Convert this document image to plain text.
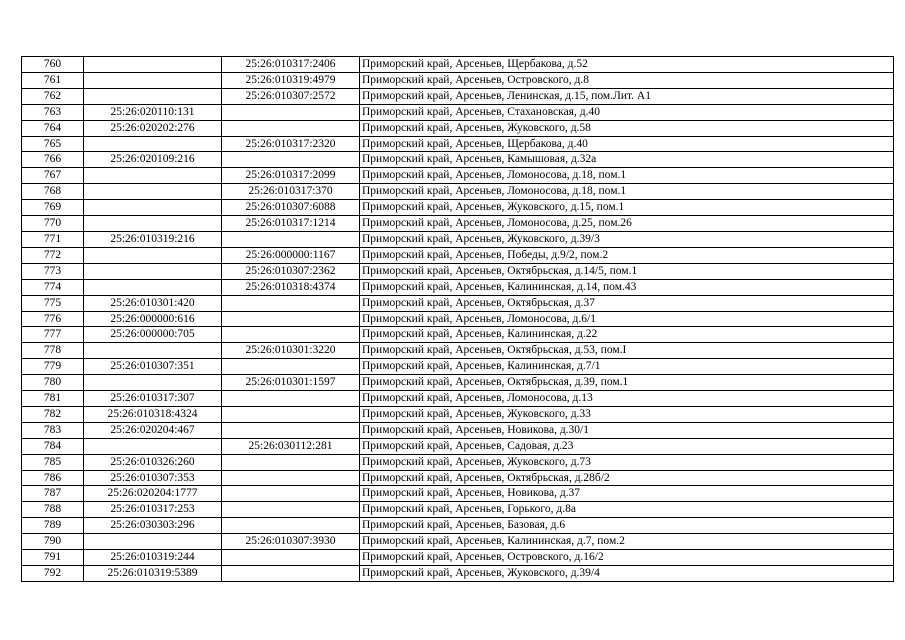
760		25:26:010317:2406	Приморский край, Арсеньев, Щербакова, д.52
761		25:26:010319:4979	Приморский край, Арсеньев, Островского, д.8
762		25:26:010307:2572	Приморский край, Арсеньев, Ленинская, д.15, пом.Лит. А1
763	25:26:020110:131		Приморский край, Арсеньев, Стахановская, д.40
764	25:26:020202:276		Приморский край, Арсеньев, Жуковского, д.58
765		25:26:010317:2320	Приморский край, Арсеньев, Щербакова, д.40
766	25:26:020109:216		Приморский край, Арсеньев, Камышовая, д.32а
767		25:26:010317:2099	Приморский край, Арсеньев, Ломоносова, д.18, пом.1
768		25:26:010317:370	Приморский край, Арсеньев, Ломоносова, д.18, пом.1
769		25:26:010307:6088	Приморский край, Арсеньев, Жуковского, д.15, пом.1
770		25:26:010317:1214	Приморский край, Арсеньев, Ломоносова, д.25, пом.26
771	25:26:010319:216		Приморский край, Арсеньев, Жуковского, д.39/3
772		25:26:000000:1167	Приморский край, Арсеньев, Победы, д.9/2, пом.2
773		25:26:010307:2362	Приморский край, Арсеньев, Октябрьская, д.14/5, пом.1
774		25:26:010318:4374	Приморский край, Арсеньев, Калининская, д.14, пом.43
775	25:26:010301:420		Приморский край, Арсеньев, Октябрьская, д.37
776	25:26:000000:616		Приморский край, Арсеньев, Ломоносова, д.6/1
777	25:26:000000:705		Приморский край, Арсеньев, Калининская, д.22
778		25:26:010301:3220	Приморский край, Арсеньев, Октябрьская, д.53, пом.I
779	25:26:010307:351		Приморский край, Арсеньев, Калининская, д.7/1
780		25:26:010301:1597	Приморский край, Арсеньев, Октябрьская, д.39, пом.1
781	25:26:010317:307		Приморский край, Арсеньев, Ломоносова, д.13
782	25:26:010318:4324		Приморский край, Арсеньев, Жуковского, д.33
783	25:26:020204:467		Приморский край, Арсеньев, Новикова, д.30/1
784		25:26:030112:281	Приморский край, Арсеньев, Садовая, д.23
785	25:26:010326:260		Приморский край, Арсеньев, Жуковского, д.73
786	25:26:010307:353		Приморский край, Арсеньев, Октябрьская, д.28б/2
787	25:26:020204:1777		Приморский край, Арсеньев, Новикова, д.37
788	25:26:010317:253		Приморский край, Арсеньев, Горького, д.8а
789	25:26:030303:296		Приморский край, Арсеньев, Базовая, д.6
790		25:26:010307:3930	Приморский край, Арсеньев, Калининская, д.7, пом.2
791	25:26:010319:244		Приморский край, Арсеньев, Островского, д.16/2
792	25:26:010319:5389		Приморский край, Арсеньев, Жуковского, д.39/4
